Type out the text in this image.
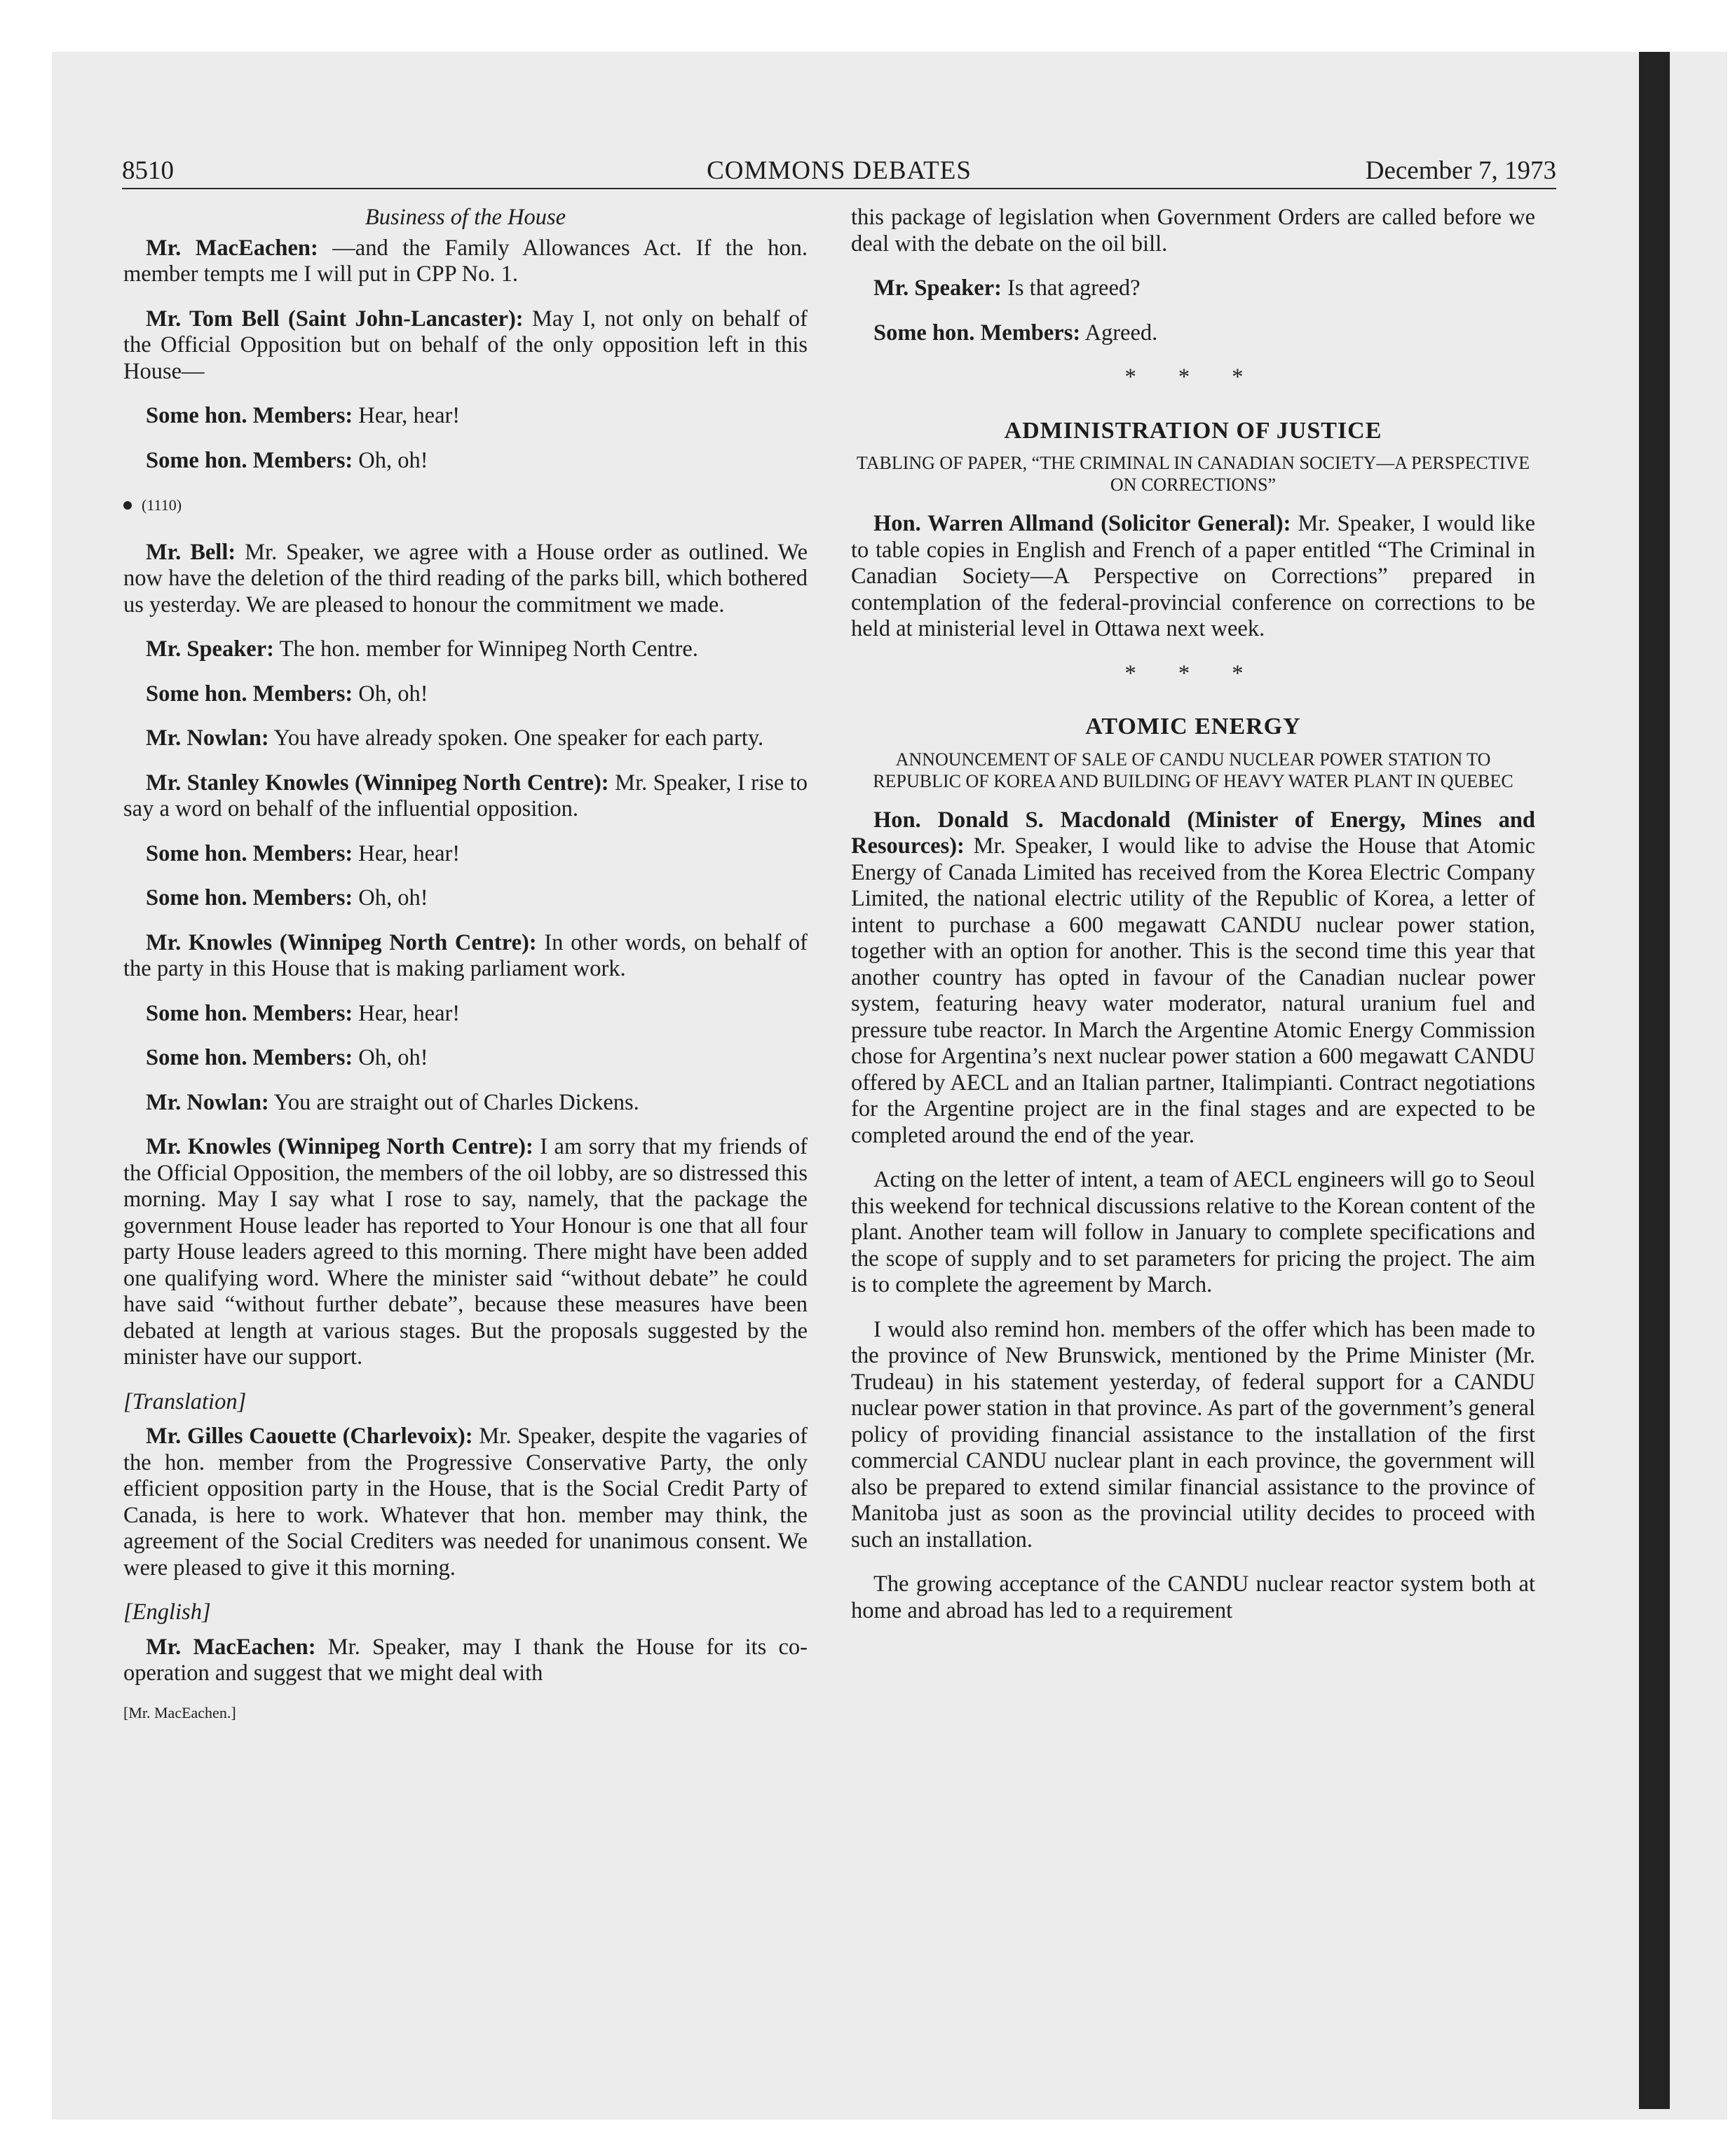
8510	COMMONS DEBATES	December 7, 1973
Business of the House

Mr. MacEachen: —and the Family Allowances Act. If the hon. member tempts me I will put in CPP No. 1.

Mr. Tom Bell (Saint John-Lancaster): May I, not only on behalf of the Official Opposition but on behalf of the only opposition left in this House—

Some hon. Members: Hear, hear!

Some hon. Members: Oh, oh!

(1110)

Mr. Bell: Mr. Speaker, we agree with a House order as outlined. We now have the deletion of the third reading of the parks bill, which bothered us yesterday. We are pleased to honour the commitment we made.

Mr. Speaker: The hon. member for Winnipeg North Centre.

Some hon. Members: Oh, oh!

Mr. Nowlan: You have already spoken. One speaker for each party.

Mr. Stanley Knowles (Winnipeg North Centre): Mr. Speaker, I rise to say a word on behalf of the influential opposition.

Some hon. Members: Hear, hear!

Some hon. Members: Oh, oh!

Mr. Knowles (Winnipeg North Centre): In other words, on behalf of the party in this House that is making parliament work.

Some hon. Members: Hear, hear!

Some hon. Members: Oh, oh!

Mr. Nowlan: You are straight out of Charles Dickens.

Mr. Knowles (Winnipeg North Centre): I am sorry that my friends of the Official Opposition, the members of the oil lobby, are so distressed this morning. May I say what I rose to say, namely, that the package the government House leader has reported to Your Honour is one that all four party House leaders agreed to this morning. There might have been added one qualifying word. Where the minister said “without debate” he could have said “without further debate”, because these measures have been debated at length at various stages. But the proposals suggested by the minister have our support.

[Translation]

Mr. Gilles Caouette (Charlevoix): Mr. Speaker, despite the vagaries of the hon. member from the Progressive Conservative Party, the only efficient opposition party in the House, that is the Social Credit Party of Canada, is here to work. Whatever that hon. member may think, the agreement of the Social Crediters was needed for unanimous consent. We were pleased to give it this morning.

[English]

Mr. MacEachen: Mr. Speaker, may I thank the House for its co-operation and suggest that we might deal with

[Mr. MacEachen.]

this package of legislation when Government Orders are called before we deal with the debate on the oil bill.

Mr. Speaker: Is that agreed?

Some hon. Members: Agreed.

* * *
ADMINISTRATION OF JUSTICE
TABLING OF PAPER, “THE CRIMINAL IN CANADIAN SOCIETY—A PERSPECTIVE ON CORRECTIONS”

Hon. Warren Allmand (Solicitor General): Mr. Speaker, I would like to table copies in English and French of a paper entitled “The Criminal in Canadian Society—A Perspective on Corrections” prepared in contemplation of the federal-provincial conference on corrections to be held at ministerial level in Ottawa next week.

* * *
ATOMIC ENERGY
ANNOUNCEMENT OF SALE OF CANDU NUCLEAR POWER STATION TO REPUBLIC OF KOREA AND BUILDING OF HEAVY WATER PLANT IN QUEBEC

Hon. Donald S. Macdonald (Minister of Energy, Mines and Resources): Mr. Speaker, I would like to advise the House that Atomic Energy of Canada Limited has received from the Korea Electric Company Limited, the national electric utility of the Republic of Korea, a letter of intent to purchase a 600 megawatt CANDU nuclear power station, together with an option for another. This is the second time this year that another country has opted in favour of the Canadian nuclear power system, featuring heavy water moderator, natural uranium fuel and pressure tube reactor. In March the Argentine Atomic Energy Commission chose for Argentina’s next nuclear power station a 600 megawatt CANDU offered by AECL and an Italian partner, Italimpianti. Contract negotiations for the Argentine project are in the final stages and are expected to be completed around the end of the year.

Acting on the letter of intent, a team of AECL engineers will go to Seoul this weekend for technical discussions relative to the Korean content of the plant. Another team will follow in January to complete specifications and the scope of supply and to set parameters for pricing the project. The aim is to complete the agreement by March.

I would also remind hon. members of the offer which has been made to the province of New Brunswick, mentioned by the Prime Minister (Mr. Trudeau) in his statement yesterday, of federal support for a CANDU nuclear power station in that province. As part of the government’s general policy of providing financial assistance to the installation of the first commercial CANDU nuclear plant in each province, the government will also be prepared to extend similar financial assistance to the province of Manitoba just as soon as the provincial utility decides to proceed with such an installation.

The growing acceptance of the CANDU nuclear reactor system both at home and abroad has led to a requirement
